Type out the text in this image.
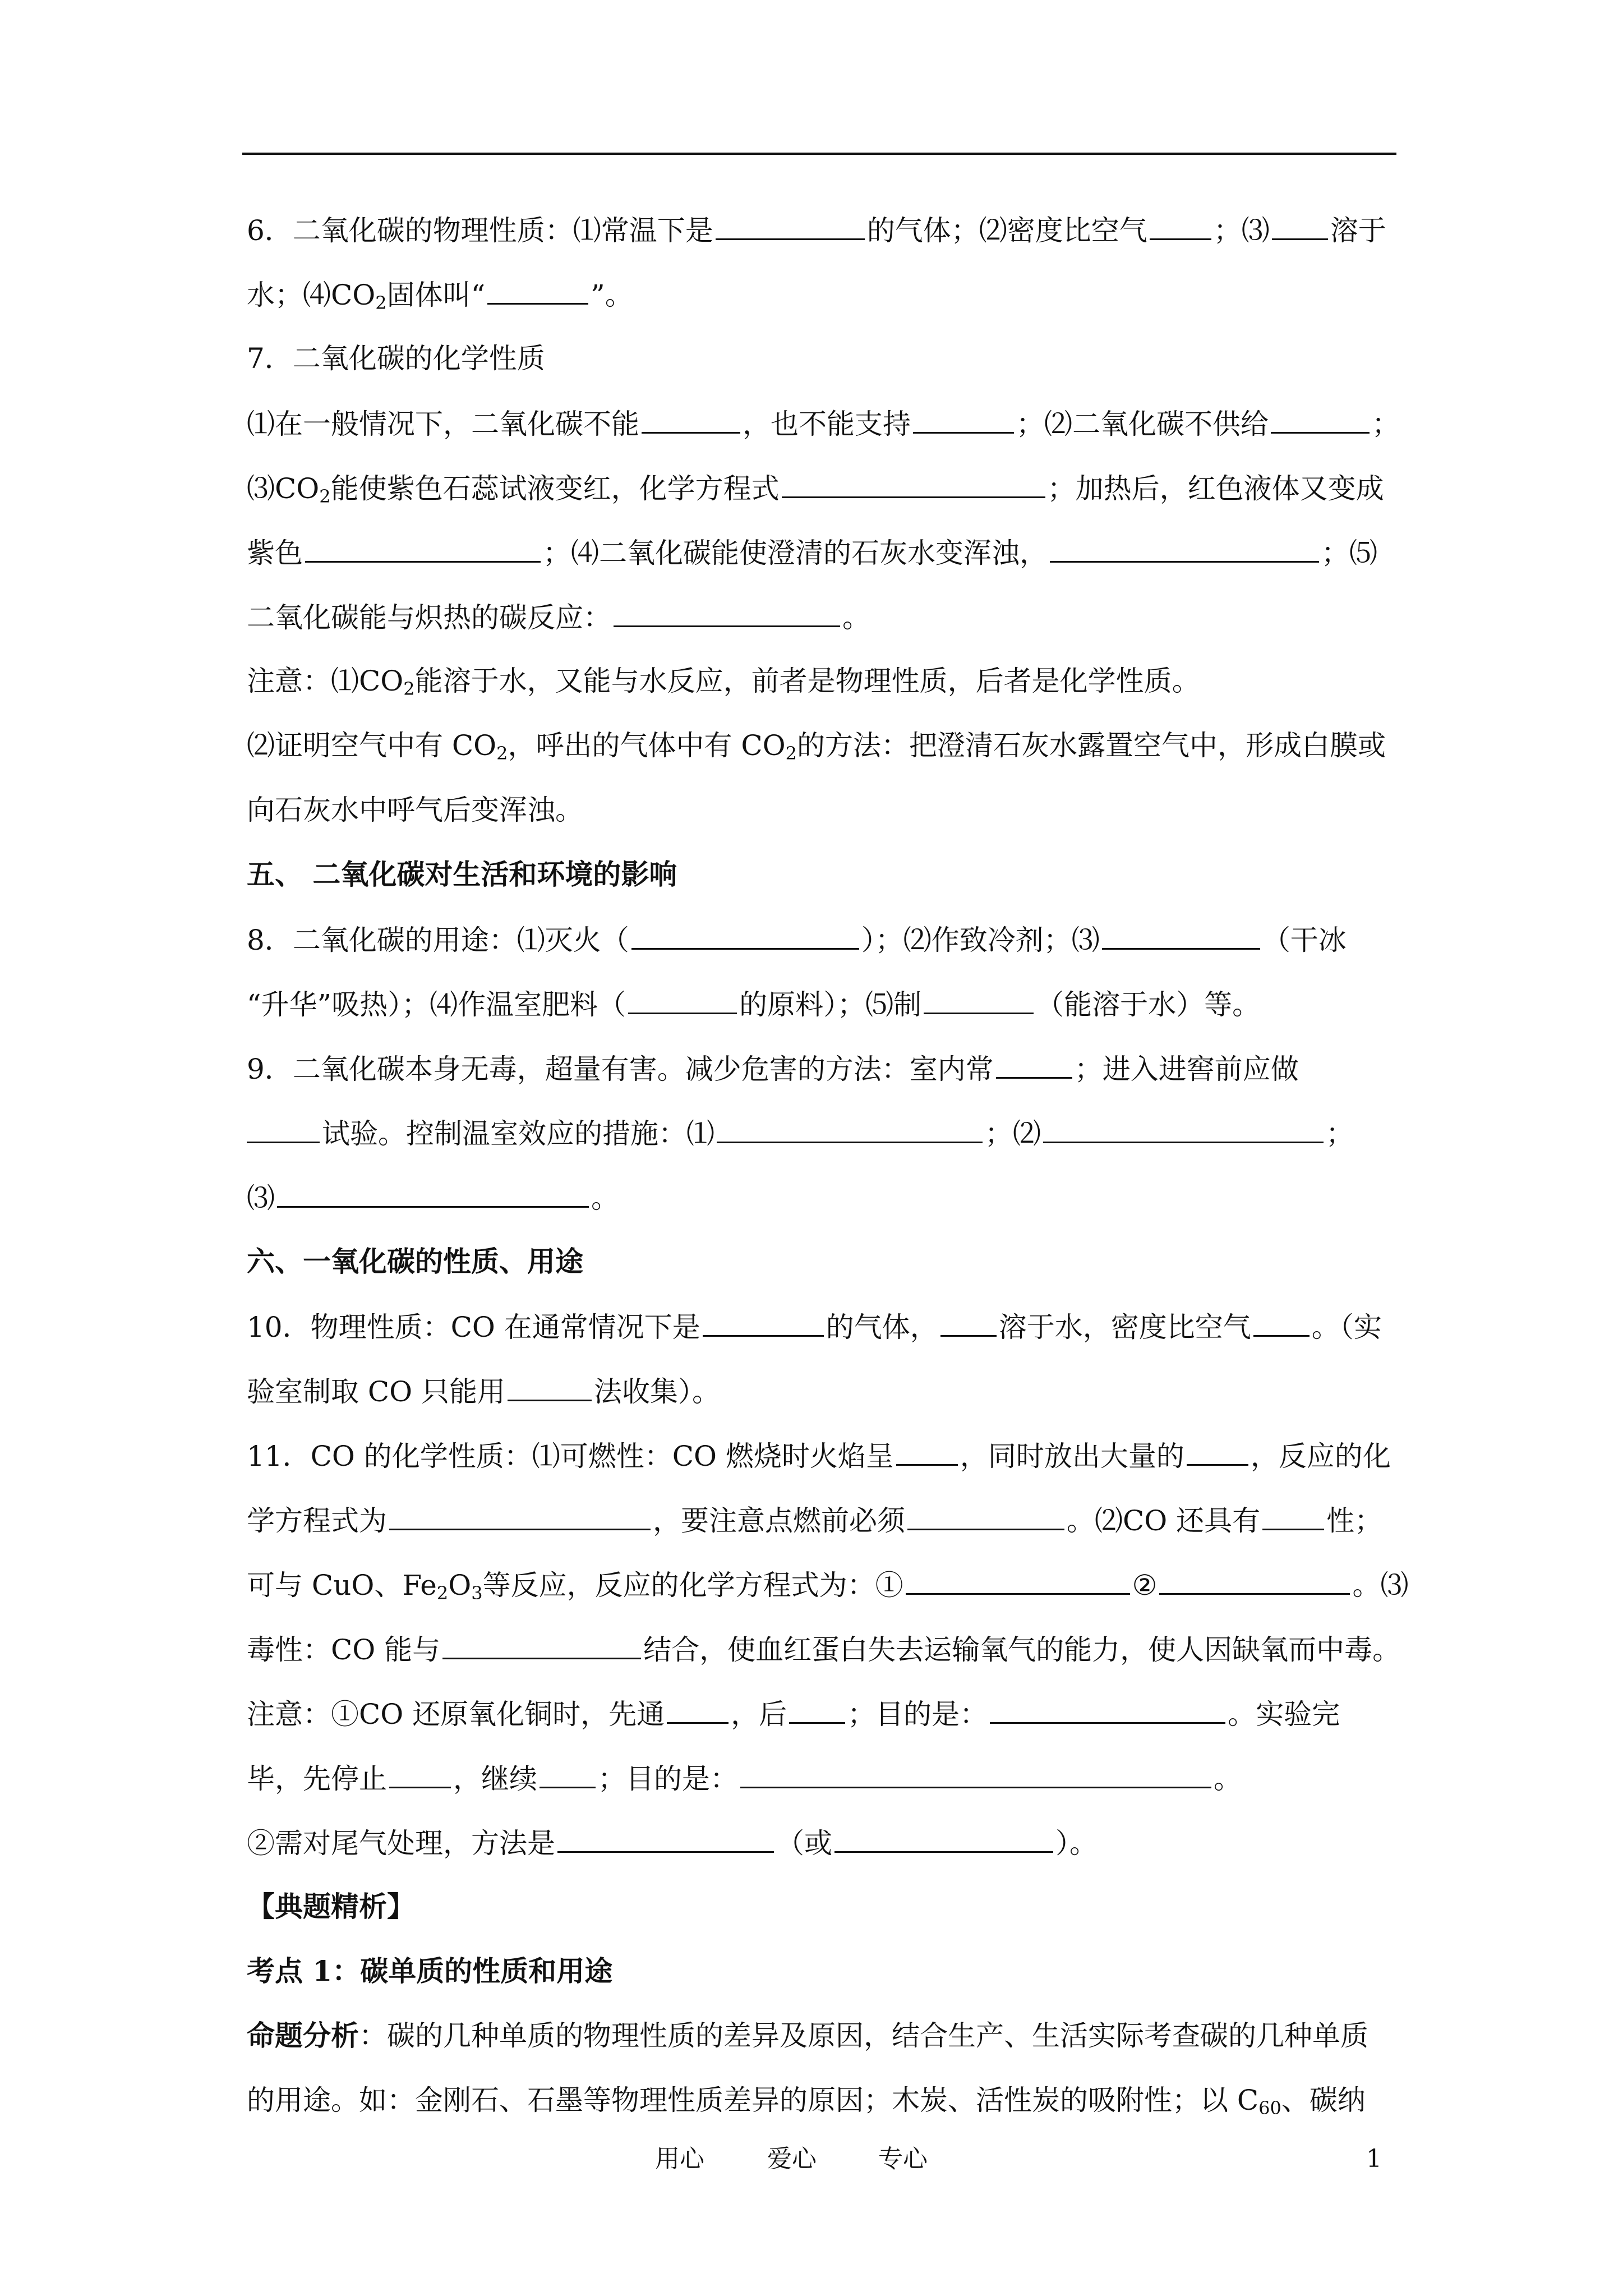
6．二氧化碳的物理性质：⑴常温下是	的气体；⑵密度比空气 ；⑶ 溶于
水；$⑷CO_2$固体叫“	”。
7．二氧化碳的化学性质
⑴在一般情况下，二氧化碳不能	，也不能支持	；⑵二氧化碳不供给	；
$⑶CO_2$能使紫色石蕊试液变红，化学方程式	；加热后，红色液体又变成
紫色	；⑷二氧化碳能使澄清的石灰水变浑浊，	；⑸
二氧化碳能与炽热的碳反应：	。
注意：$⑴CO_2$能溶于水，又能与水反应，前者是物理性质，后者是化学性质。
⑵证明空气中有 $CO_2$，呼出的气体中有 $CO_2$的方法：把澄清石灰水露置空气中，形成白膜或
向石灰水中呼气后变浑浊。
五、 二氧化碳对生活和环境的影响
8．二氧化碳的用途：⑴灭火（	）；⑵作致冷剂；⑶	（干冰
“升华”吸热）；⑷作温室肥料（	的原料）；⑸制	（能溶于水）等。
9．二氧化碳本身无毒，超量有害。减少危害的方法：室内常	；进入进窖前应做
试验。控制温室效应的措施：⑴	；⑵	；
⑶	。
六、一氧化碳的性质、用途
10．物理性质：CO 在通常情况下是	的气体， 溶于水，密度比空气 。（实
验室制取 CO 只能用	法收集）。
11．CO 的化学性质：⑴可燃性：CO 燃烧时火焰呈 ，同时放出大量的 ，反应的化
学方程式为	，要注意点燃前必须	。⑵CO 还具有 性；
可与 CuO、$Fe_2O_3$等反应，反应的化学方程式为：①	②	。⑶
毒性：CO 能与	结合，使血红蛋白失去运输氧气的能力，使人因缺氧而中毒。
注意：①CO 还原氧化铜时，先通 ，后 ；目的是：	。实验完
毕，先停止 ，继续 ；目的是：	。
②需对尾气处理，方法是	（或	）。
【典题精析】
考点 1：碳单质的性质和用途
命题分析：碳的几种单质的物理性质的差异及原因，结合生产、生活实际考查碳的几种单质
的用途。如：金刚石、石墨等物理性质差异的原因；木炭、活性炭的吸附性；以 $C_{60}$、碳纳
用心	爱心	专心	1
